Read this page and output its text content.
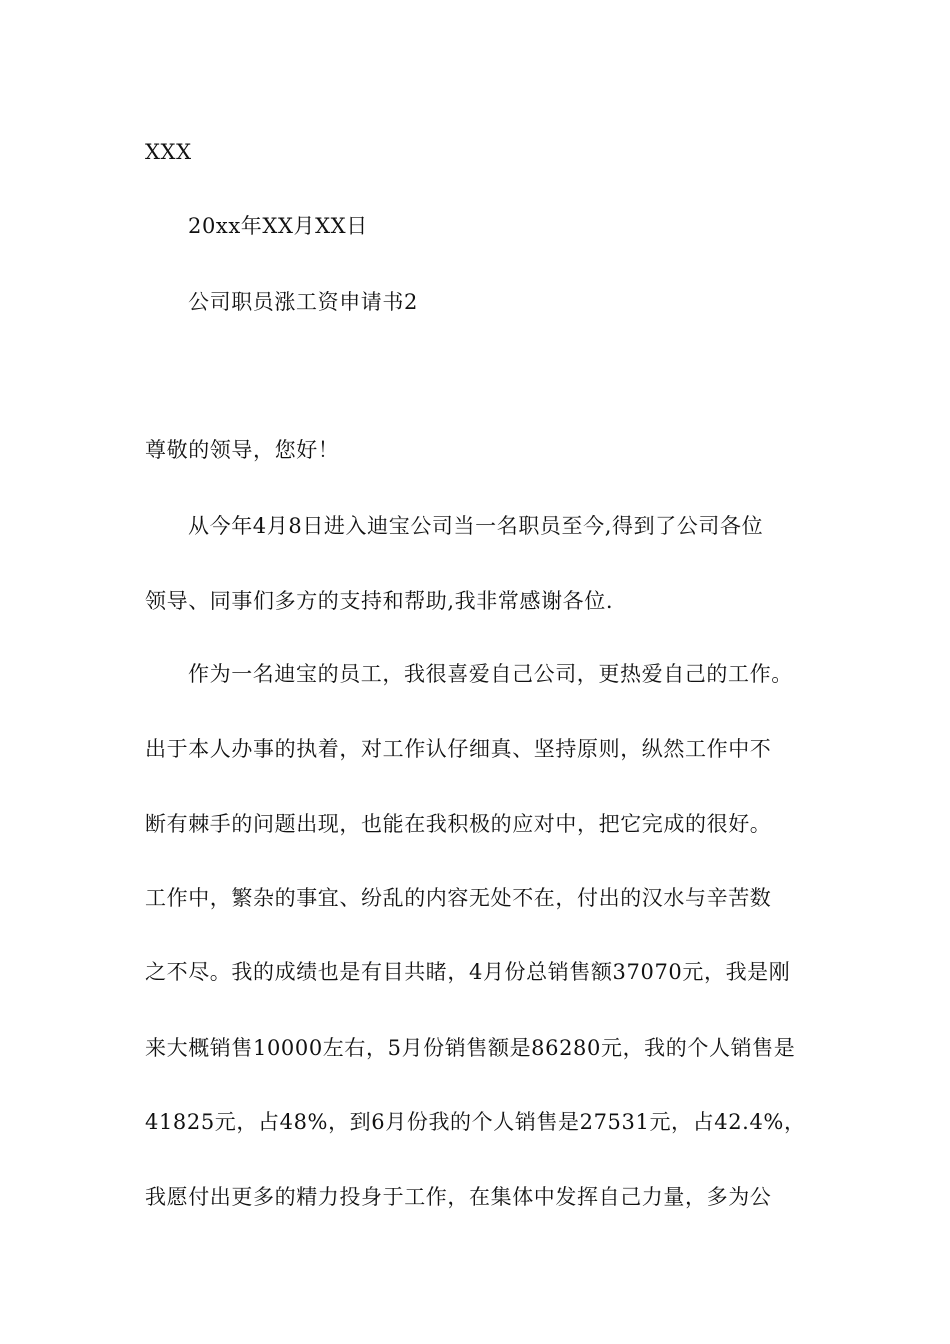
XXX
20xx年XX月XX日
公司职员涨工资申请书2
尊敬的领导，您好！
从今年4月8日进入迪宝公司当一名职员至今,得到了公司各位
领导、同事们多方的支持和帮助,我非常感谢各位.
作为一名迪宝的员工，我很喜爱自己公司，更热爱自己的工作。
出于本人办事的执着，对工作认仔细真、坚持原则，纵然工作中不
断有棘手的问题出现，也能在我积极的应对中，把它完成的很好。
工作中，繁杂的事宜、纷乱的内容无处不在，付出的汉水与辛苦数
之不尽。我的成绩也是有目共睹，4月份总销售额37070元，我是刚
来大概销售10000左右，5月份销售额是86280元，我的个人销售是
41825元，占48%，到6月份我的个人销售是27531元，占42.4%，
我愿付出更多的精力投身于工作，在集体中发挥自己力量，多为公
